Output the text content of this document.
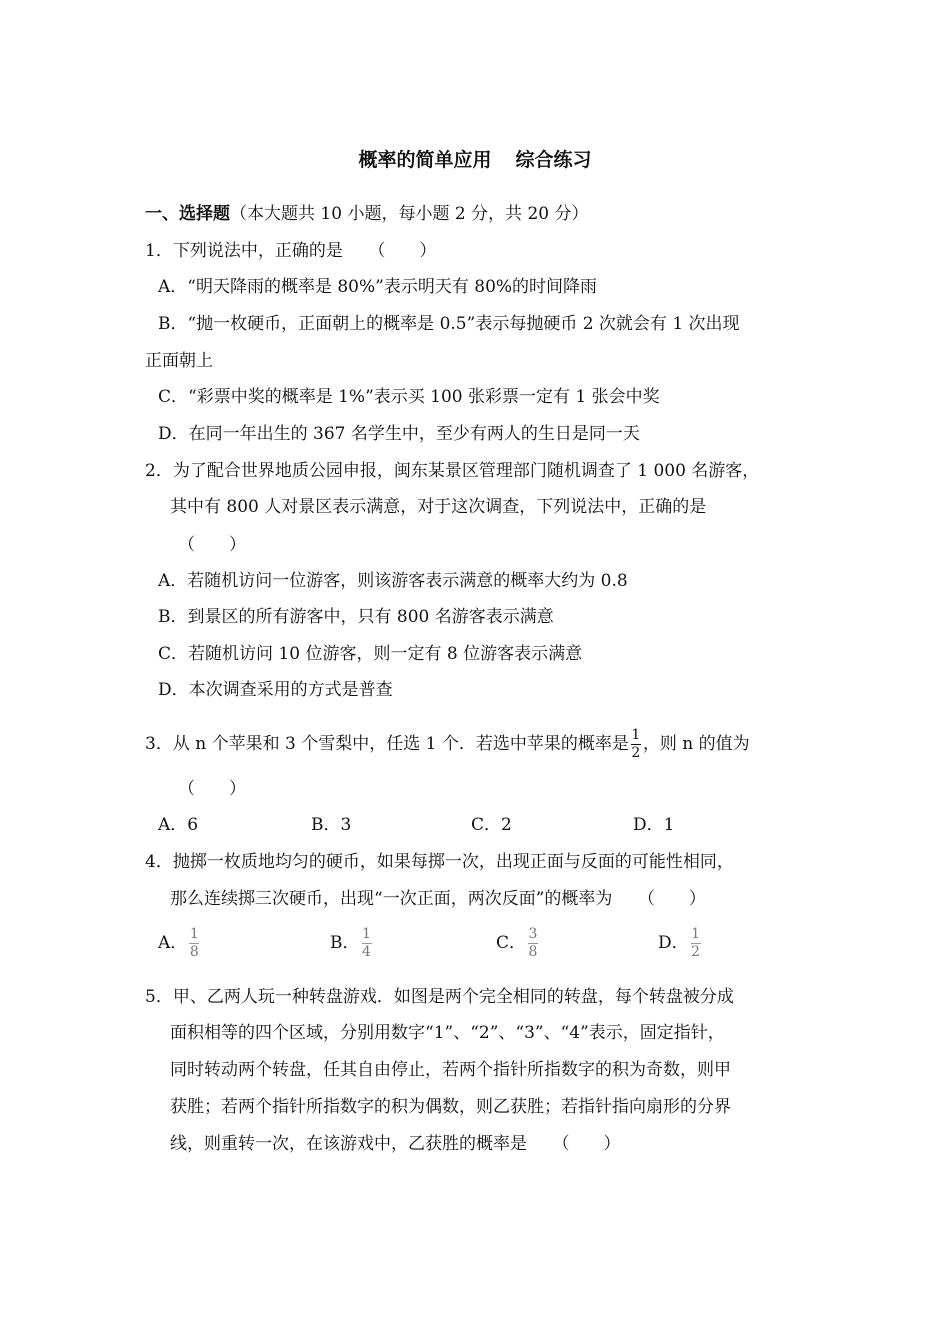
概率的简单应用 综合练习
一、选择题（本大题共 10 小题，每小题 2 分，共 20 分）
1．下列说法中，正确的是　　（　　）
A．“明天降雨的概率是 80%”表示明天有 80%的时间降雨
B．“抛一枚硬币，正面朝上的概率是 0.5”表示每抛硬币 2 次就会有 1 次出现
正面朝上
C．“彩票中奖的概率是 1%”表示买 100 张彩票一定有 1 张会中奖
D．在同一年出生的 367 名学生中，至少有两人的生日是同一天
2．为了配合世界地质公园申报，闽东某景区管理部门随机调查了 1 000 名游客，
其中有 800 人对景区表示满意，对于这次调查，下列说法中，正确的是
（　　）
A．若随机访问一位游客，则该游客表示满意的概率大约为 0.8
B．到景区的所有游客中，只有 800 名游客表示满意
C．若随机访问 10 位游客，则一定有 8 位游客表示满意
D．本次调查采用的方式是普查
3．从 n 个苹果和 3 个雪梨中，任选 1 个．若选中苹果的概率是 $\frac{1}{2}$ ，则 n 的值为
（　　）
A．6	B．3	C．2	D．1
4．抛掷一枚质地均匀的硬币，如果每掷一次，出现正面与反面的可能性相同，
那么连续掷三次硬币，出现“一次正面，两次反面”的概率为　　（　　）
A． $\frac{1}{8}$	B． $\frac{1}{4}$	C． $\frac{3}{8}$	D． $\frac{1}{2}$
5．甲、乙两人玩一种转盘游戏．如图是两个完全相同的转盘，每个转盘被分成
面积相等的四个区域，分别用数字“1”、“2”、“3”、“4”表示，固定指针，
同时转动两个转盘，任其自由停止，若两个指针所指数字的积为奇数，则甲
获胜；若两个指针所指数字的积为偶数，则乙获胜；若指针指向扇形的分界
线，则重转一次，在该游戏中，乙获胜的概率是　　（　　）
